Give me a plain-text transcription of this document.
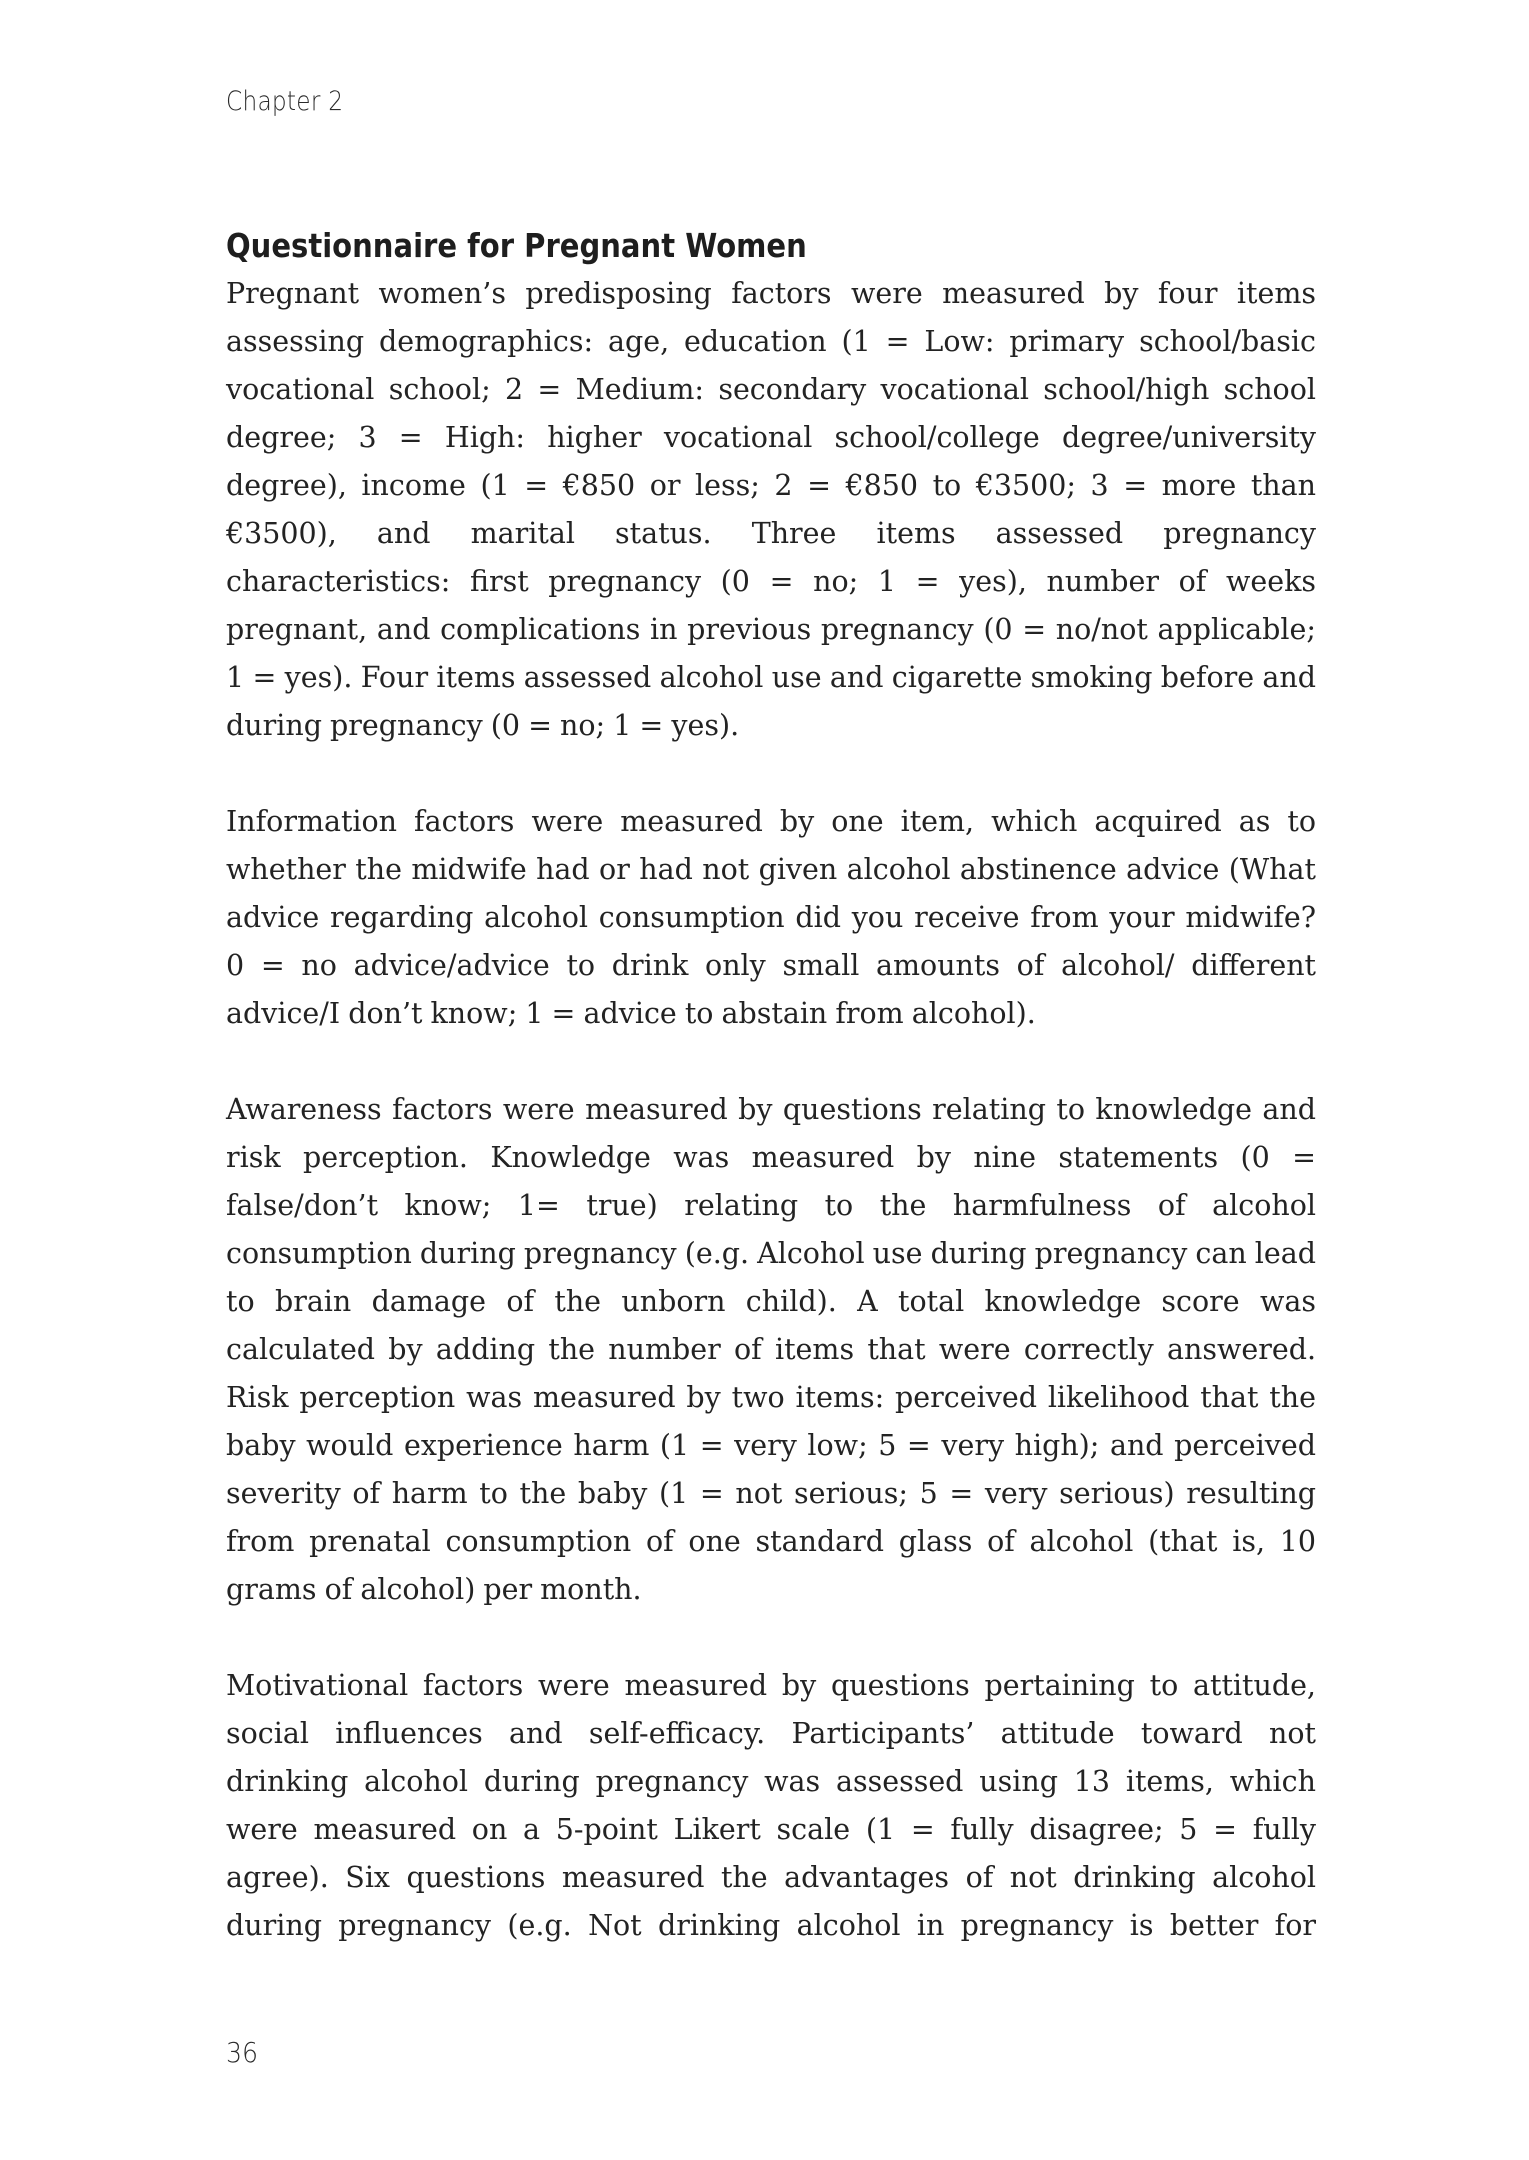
Chapter 2
Questionnaire for Pregnant Women

Pregnant women’s predisposing factors were measured by four items assessing demographics: age, education (1 = Low: primary school/basic vocational school; 2 = Medium: secondary vocational school/high school degree; 3 = High: higher vocational school/college degree/university degree), income (1 = €850 or less; 2 = €850 to €3500; 3 = more than €3500), and marital status. Three items assessed pregnancy characteristics: first pregnancy (0 = no; 1 = yes), number of weeks pregnant, and complications in previous pregnancy (0 = no/not applicable; 1 = yes). Four items assessed alcohol use and cigarette smoking before and during pregnancy (0 = no; 1 = yes).

Information factors were measured by one item, which acquired as to whether the midwife had or had not given alcohol abstinence advice (What advice regarding alcohol consumption did you receive from your midwife? 0 = no advice/advice to drink only small amounts of alcohol/ different advice/I don’t know; 1 = advice to abstain from alcohol).

Awareness factors were measured by questions relating to knowledge and risk perception. Knowledge was measured by nine statements (0 = false/don’t know; 1= true) relating to the harmfulness of alcohol consumption during pregnancy (e.g. Alcohol use during pregnancy can lead to brain damage of the unborn child). A total knowledge score was calculated by adding the number of items that were correctly answered. Risk perception was measured by two items: perceived likelihood that the baby would experience harm (1 = very low; 5 = very high); and perceived severity of harm to the baby (1 = not serious; 5 = very serious) resulting from prenatal consumption of one standard glass of alcohol (that is, 10 grams of alcohol) per month.

Motivational factors were measured by questions pertaining to attitude, social influences and self-efficacy. Participants’ attitude toward not drinking alcohol during pregnancy was assessed using 13 items, which were measured on a 5-point Likert scale (1 = fully disagree; 5 = fully agree). Six questions measured the advantages of not drinking alcohol during pregnancy (e.g. Not drinking alcohol in pregnancy is better for

36
